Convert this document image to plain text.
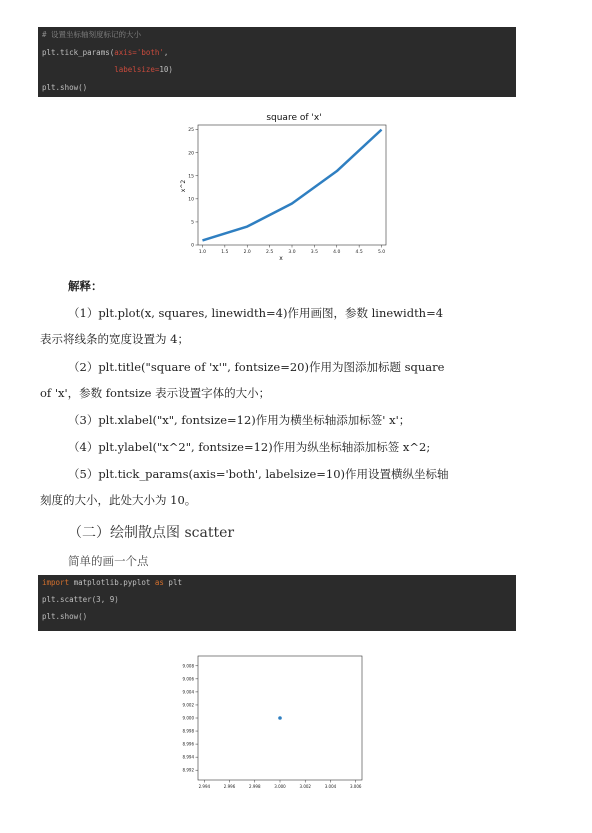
# 设置坐标轴刻度标记的大小
plt.tick_params(axis='both',
labelsize=10)
plt.show()
square of 'x'
x^2
x
1.0	1.5	2.0	2.5	3.0	3.5	4.0	4.5	5.0
0
5
10
15
20
25
解释：
（1）plt.plot(x, squares, linewidth=4)作用画图，参数 linewidth=4
表示将线条的宽度设置为 4；
（2）plt.title("square of 'x'", fontsize=20)作用为图添加标题 square
of 'x'，参数 fontsize 表示设置字体的大小；
（3）plt.xlabel("x", fontsize=12)作用为横坐标轴添加标签' x'；
（4）plt.ylabel("x^2", fontsize=12)作用为纵坐标轴添加标签 x^2;
（5）plt.tick_params(axis='both', labelsize=10)作用设置横纵坐标轴
刻度的大小，此处大小为 10。
（二）绘制散点图 scatter
简单的画一个点
import matplotlib.pyplot as plt
plt.scatter(3, 9)
plt.show()
2.994	2.996	2.998	3.000	3.002	3.004	3.006
8.992
8.994
8.996
8.998
9.000
9.002
9.004
9.006
9.008
